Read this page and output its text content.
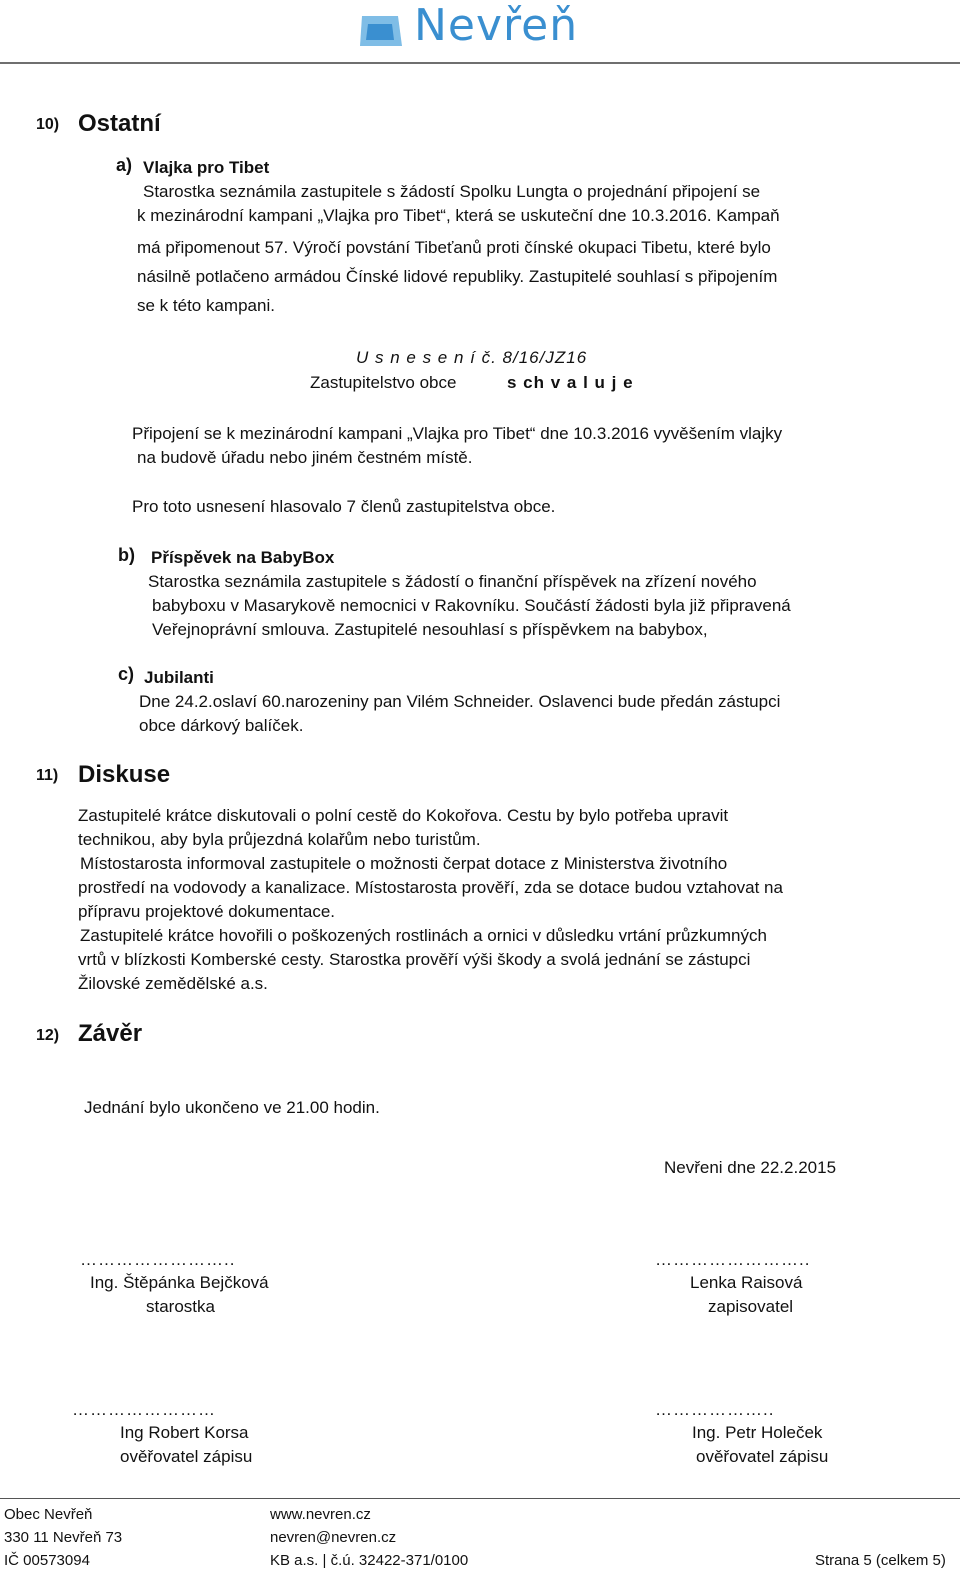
Nevřeň
10) Ostatní
a) Vlajka pro Tibet
Starostka seznámila zastupitele s žádostí Spolku Lungta o projednání připojení se
k mezinárodní kampani „Vlajka pro Tibet“, která se uskuteční dne 10.3.2016. Kampaň
má připomenout 57. Výročí povstání Tibeťanů proti čínské okupaci Tibetu, které bylo
násilně potlačeno armádou Čínské lidové republiky. Zastupitelé souhlasí s připojením
se k této kampani.
U s n e s e n í č. 8/16/JZ16
Zastupitelstvo obce	s ch v a l u j e
Připojení se k mezinárodní kampani „Vlajka pro Tibet“ dne 10.3.2016 vyvěšením vlajky
na budově úřadu nebo jiném čestném místě.
Pro toto usnesení hlasovalo 7 členů zastupitelstva obce.
b) Příspěvek na BabyBox
Starostka seznámila zastupitele s žádostí o finanční příspěvek na zřízení nového
babyboxu v Masarykově nemocnici v Rakovníku. Součástí žádosti byla již připravená
Veřejnoprávní smlouva. Zastupitelé nesouhlasí s příspěvkem na babybox,
c) Jubilanti
Dne 24.2.oslaví 60.narozeniny pan Vilém Schneider. Oslavenci bude předán zástupci
obce dárkový balíček.
11) Diskuse
Zastupitelé krátce diskutovali o polní cestě do Kokořova. Cestu by bylo potřeba upravit
technikou, aby byla průjezdná kolařům nebo turistům.
Místostarosta informoval zastupitele o možnosti čerpat dotace z Ministerstva životního
prostředí na vodovody a kanalizace. Místostarosta prověří, zda se dotace budou vztahovat na
přípravu projektové dokumentace.
Zastupitelé krátce hovořili o poškozených rostlinách a ornici v důsledku vrtání průzkumných
vrtů v blízkosti Komberské cesty. Starostka prověří výši škody a svolá jednání se zástupci
Žilovské zemědělské a.s.
12) Závěr
Jednání bylo ukončeno ve 21.00 hodin.
Nevřeni dne 22.2.2015
……………………..
Ing. Štěpánka Bejčková
starostka
……………………..
Lenka Raisová
zapisovatel
……………………
Ing Robert Korsa
ověřovatel zápisu
………………..
Ing. Petr Holeček
ověřovatel zápisu
Obec Nevřeň
330 11 Nevřeň 73
IČ 00573094
www.nevren.cz
nevren@nevren.cz
KB a.s. | č.ú. 32422-371/0100	Strana 5 (celkem 5)
